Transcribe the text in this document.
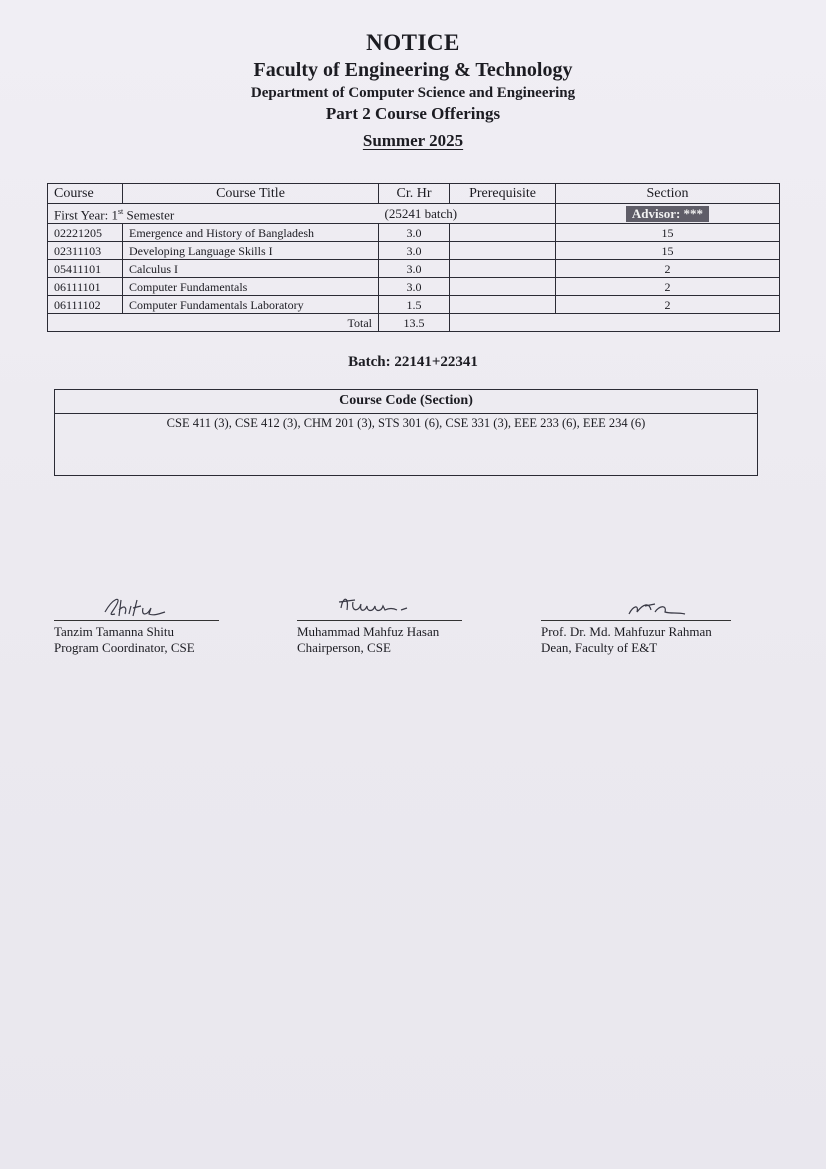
NOTICE
Faculty of Engineering & Technology
Department of Computer Science and Engineering
Part 2 Course Offerings
Summer 2025
Course	Course Title	Cr. Hr	Prerequisite	Section
First Year: 1st Semester		(25241 batch)		Advisor: ***
02221205	Emergence and History of Bangladesh	3.0		15
02311103	Developing Language Skills I	3.0		15
05411101	Calculus I	3.0		2
06111101	Computer Fundamentals	3.0		2
06111102	Computer Fundamentals Laboratory	1.5		2
Total		13.5		
Batch: 22141+22341
Course Code (Section)
CSE 411 (3), CSE 412 (3), CHM 201 (3), STS 301 (6), CSE 331 (3), EEE 233 (6), EEE 234 (6)
Tanzim Tamanna Shitu
Program Coordinator, CSE
Muhammad Mahfuz Hasan
Chairperson, CSE
Prof. Dr. Md. Mahfuzur Rahman
Dean, Faculty of E&T
